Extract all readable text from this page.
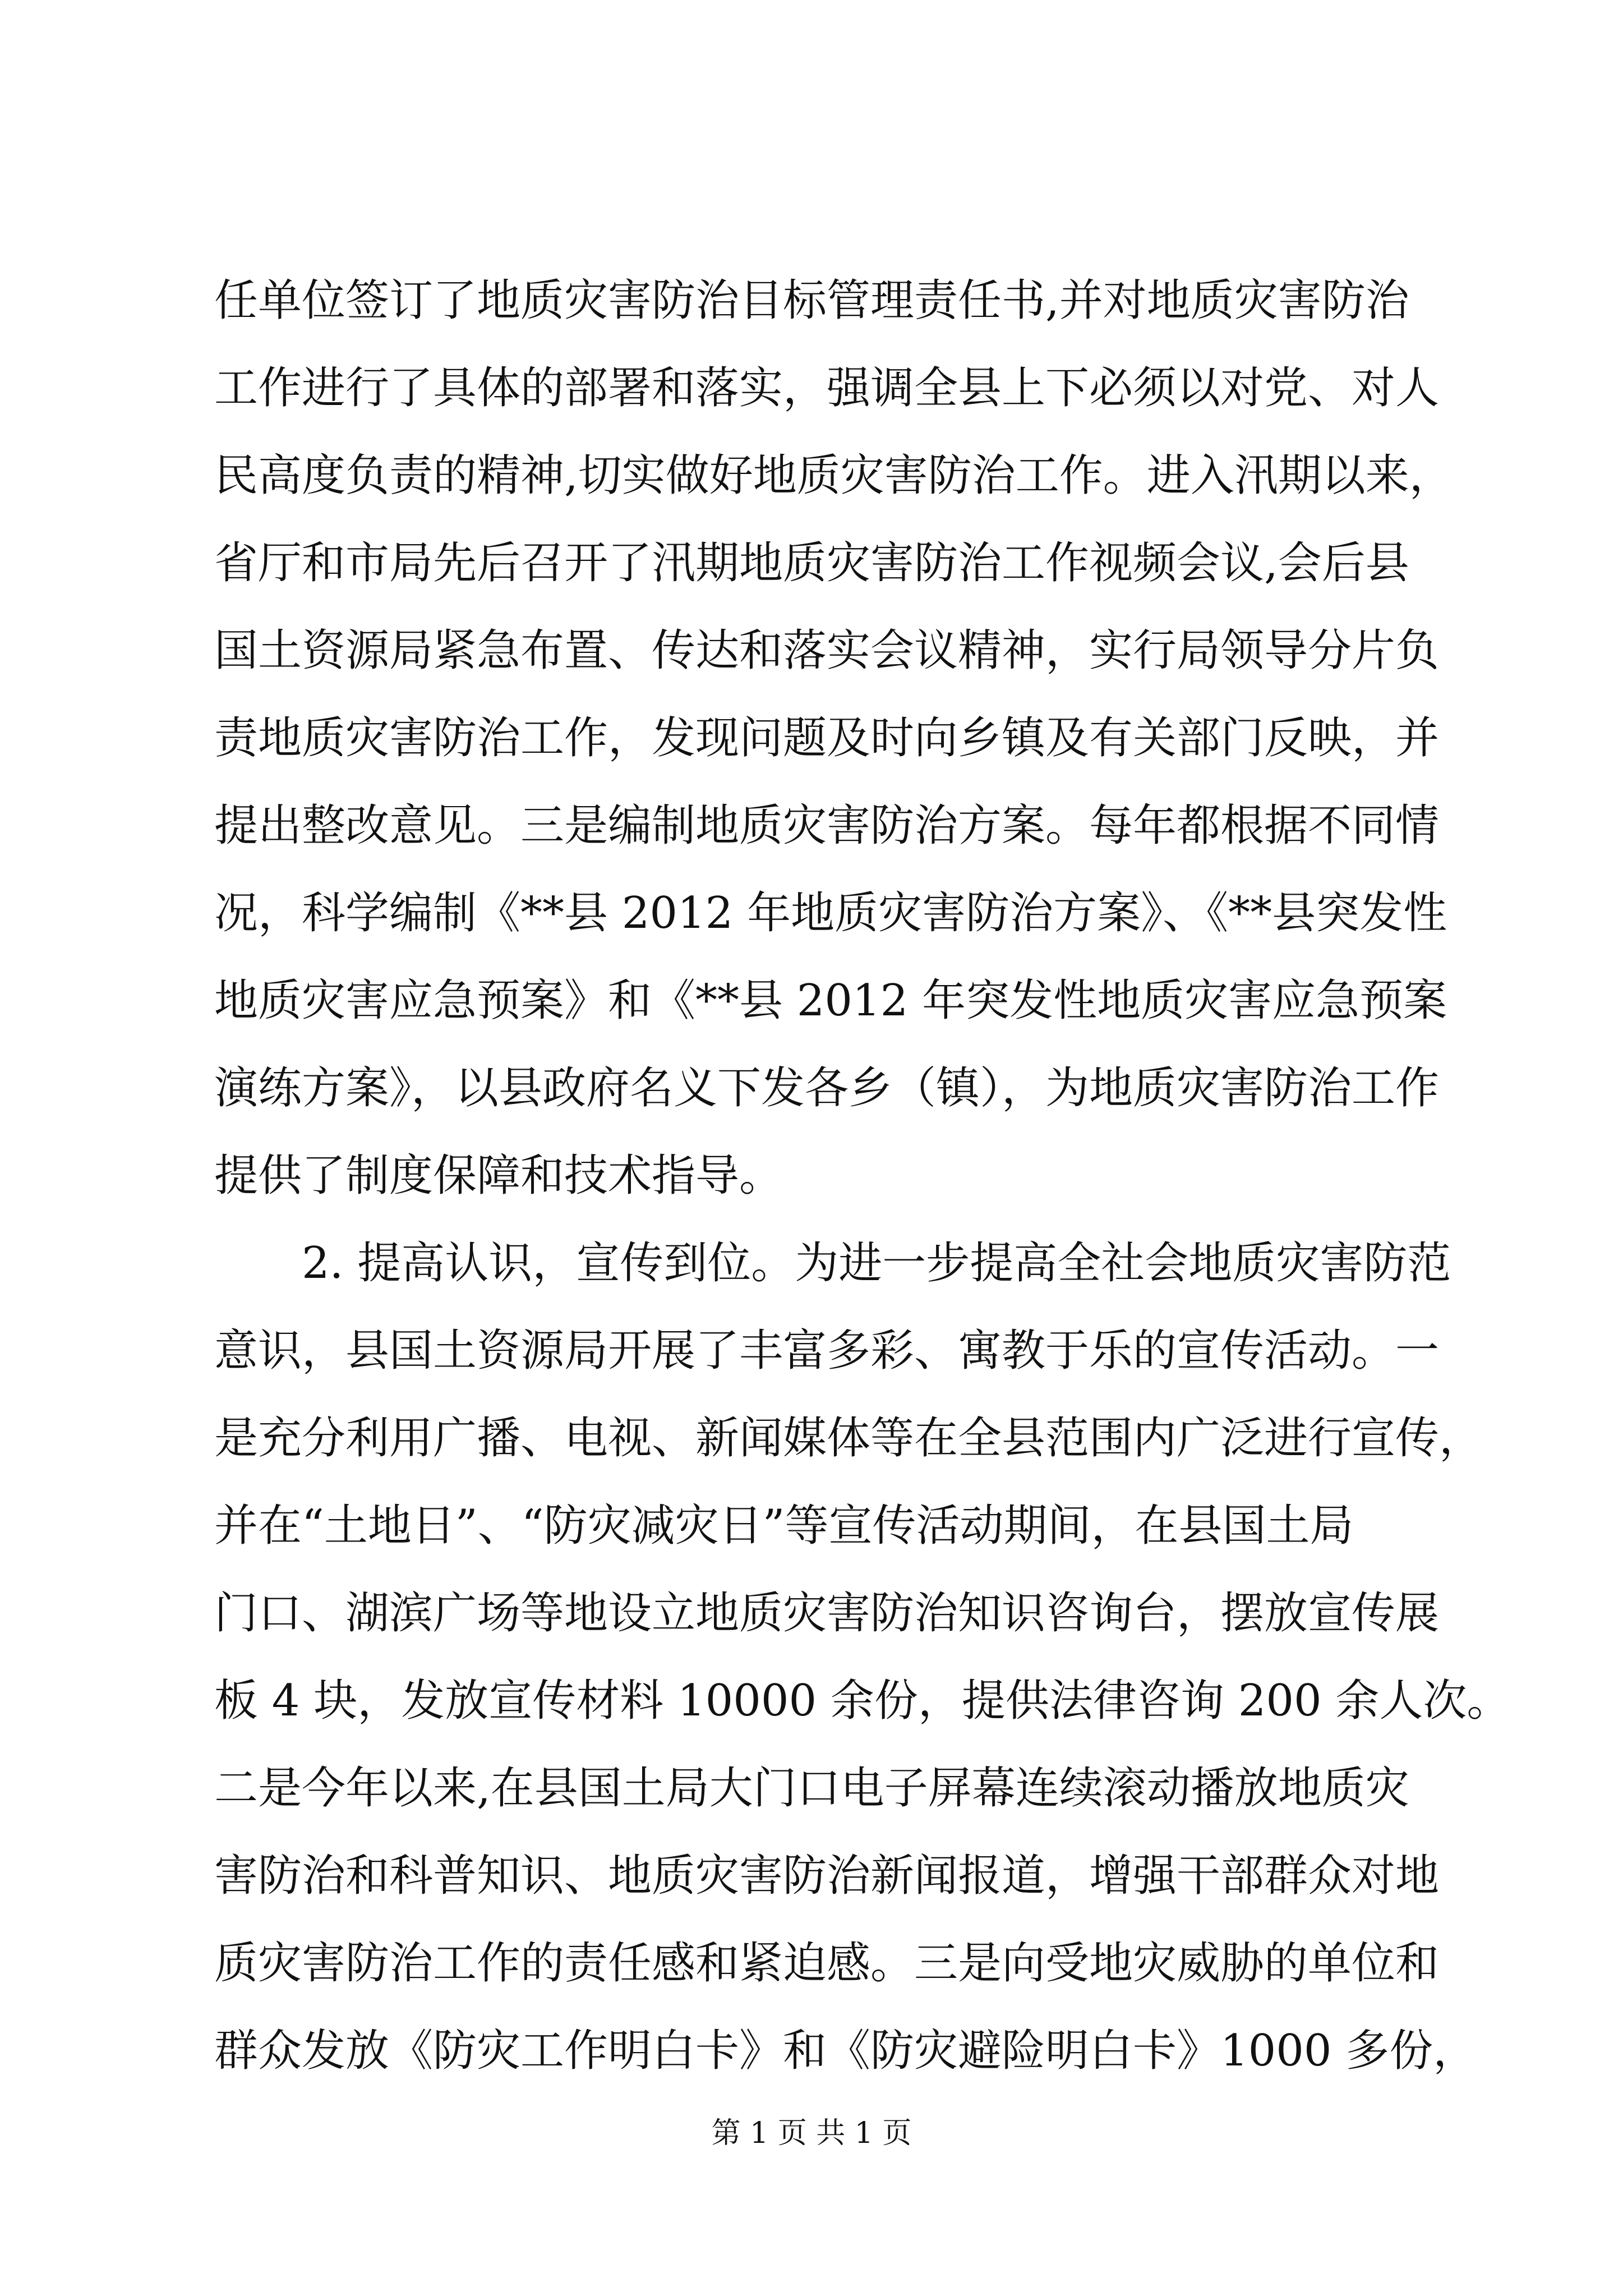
任单位签订了地质灾害防治目标管理责任书,并对地质灾害防治
工作进行了具体的部署和落实，强调全县上下必须以对党、对人
民高度负责的精神,切实做好地质灾害防治工作。进入汛期以来，
省厅和市局先后召开了汛期地质灾害防治工作视频会议,会后县
国土资源局紧急布置、传达和落实会议精神，实行局领导分片负
责地质灾害防治工作，发现问题及时向乡镇及有关部门反映，并
提出整改意见。三是编制地质灾害防治方案。每年都根据不同情
况，科学编制《**县 2012 年地质灾害防治方案》、《**县突发性
地质灾害应急预案》和《**县 2012 年突发性地质灾害应急预案
演练方案》，以县政府名义下发各乡（镇），为地质灾害防治工作
提供了制度保障和技术指导。
2. 提高认识，宣传到位。为进一步提高全社会地质灾害防范
意识，县国土资源局开展了丰富多彩、寓教于乐的宣传活动。一
是充分利用广播、电视、新闻媒体等在全县范围内广泛进行宣传，
并在“土地日”、“防灾减灾日”等宣传活动期间，在县国土局
门口、湖滨广场等地设立地质灾害防治知识咨询台，摆放宣传展
板 4 块，发放宣传材料 10000 余份，提供法律咨询 200 余人次。
二是今年以来,在县国土局大门口电子屏幕连续滚动播放地质灾
害防治和科普知识、地质灾害防治新闻报道，增强干部群众对地
质灾害防治工作的责任感和紧迫感。三是向受地灾威胁的单位和
群众发放《防灾工作明白卡》和《防灾避险明白卡》1000 多份，
第 1 页 共 1 页
